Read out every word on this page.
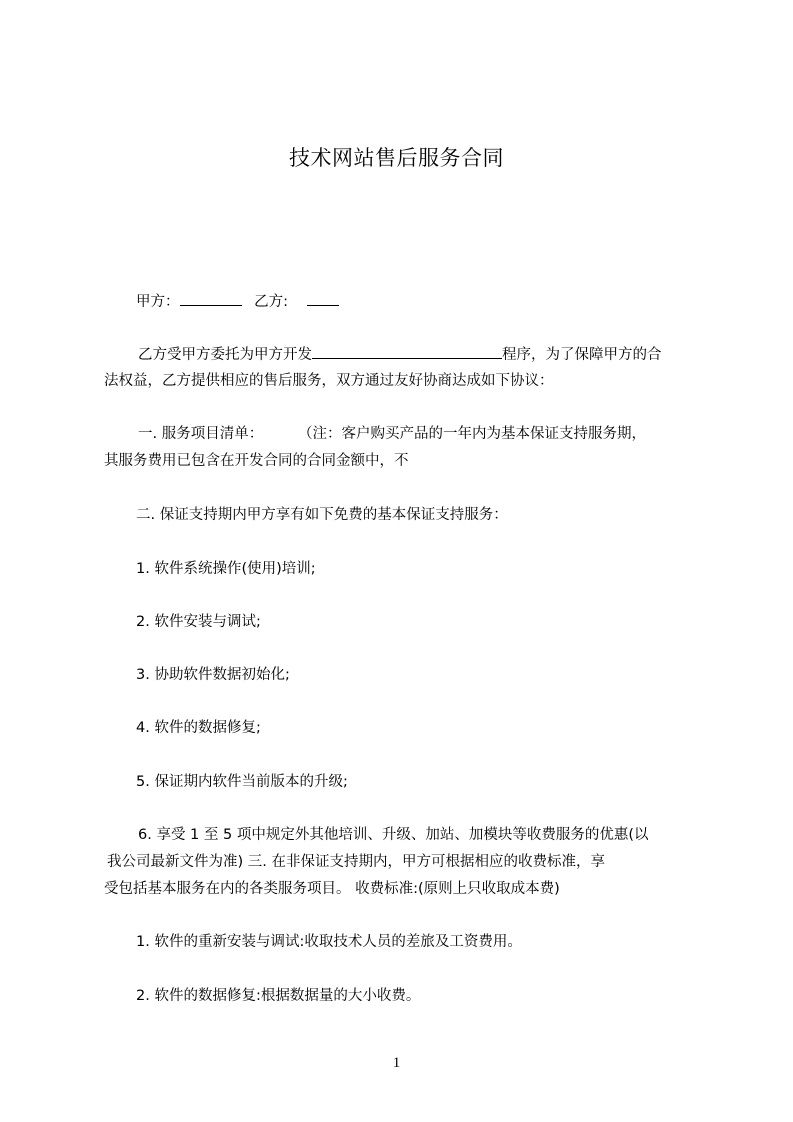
技术网站售后服务合同
甲方：	乙方:
乙方受甲方委托为甲方开发	程序，为了保障甲方的合
法权益，乙方提供相应的售后服务，双方通过友好协商达成如下协议：
一. 服务项目清单：	（注：客户购买产品的一年内为基本保证支持服务期，
其服务费用已包含在开发合同的合同金额中，不
二. 保证支持期内甲方享有如下免费的基本保证支持服务：
1. 软件系统操作(使用)培训;
2. 软件安装与调试;
3. 协助软件数据初始化;
4. 软件的数据修复;
5. 保证期内软件当前版本的升级;
6. 享受 1 至 5 项中规定外其他培训、升级、加站、加模块等收费服务的优惠(以
我公司最新文件为准) 三. 在非保证支持期内，甲方可根据相应的收费标准，享
受包括基本服务在内的各类服务项目。 收费标准:(原则上只收取成本费)
1. 软件的重新安装与调试:收取技术人员的差旅及工资费用。
2. 软件的数据修复:根据数据量的大小收费。
1
